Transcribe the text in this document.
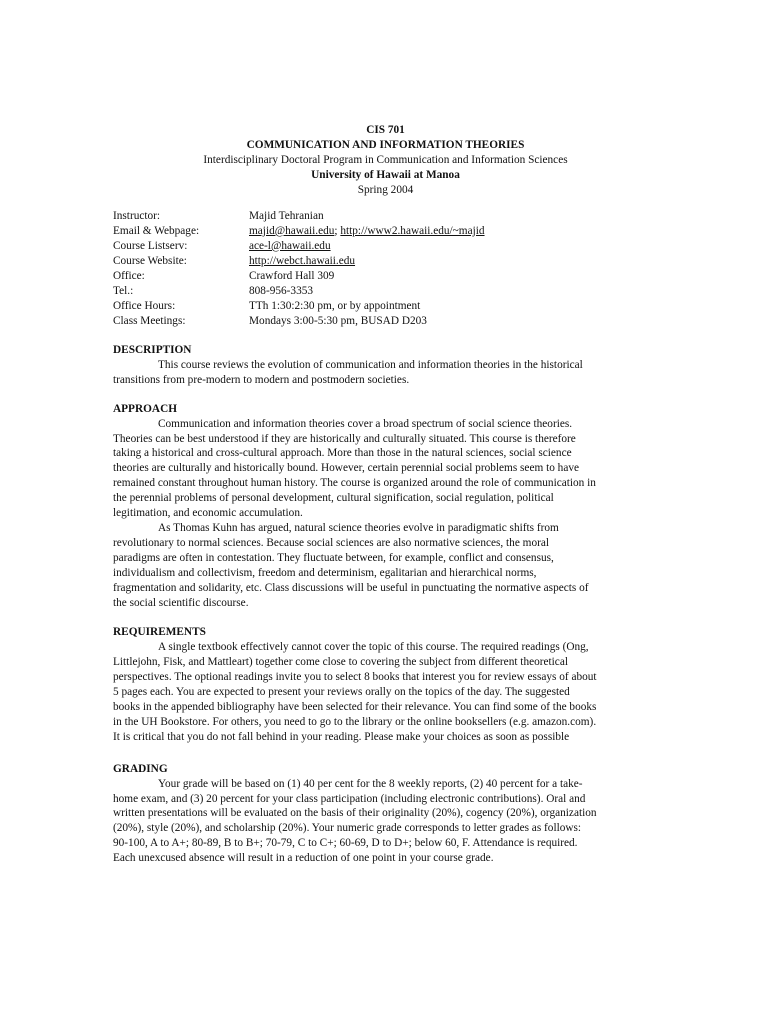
CIS 701
COMMUNICATION AND INFORMATION THEORIES
Interdisciplinary Doctoral Program in Communication and Information Sciences
University of Hawaii at Manoa
Spring 2004
Instructor:	Majid Tehranian
Email & Webpage:	majid@hawaii.edu; http://www2.hawaii.edu/~majid
Course Listserv:	ace-l@hawaii.edu
Course Website:	http://webct.hawaii.edu
Office:	Crawford Hall 309
Tel.:	808-956-3353
Office Hours:	TTh 1:30:2:30 pm, or by appointment
Class Meetings:	Mondays 3:00-5:30 pm, BUSAD D203
DESCRIPTION
This course reviews the evolution of communication and information theories in the historical
transitions from pre-modern to modern and postmodern societies.
APPROACH
Communication and information theories cover a broad spectrum of social science theories.
Theories can be best understood if they are historically and culturally situated. This course is therefore
taking a historical and cross-cultural approach. More than those in the natural sciences, social science
theories are culturally and historically bound. However, certain perennial social problems seem to have
remained constant throughout human history. The course is organized around the role of communication in
the perennial problems of personal development, cultural signification, social regulation, political
legitimation, and economic accumulation.
As Thomas Kuhn has argued, natural science theories evolve in paradigmatic shifts from
revolutionary to normal sciences. Because social sciences are also normative sciences, the moral
paradigms are often in contestation. They fluctuate between, for example, conflict and consensus,
individualism and collectivism, freedom and determinism, egalitarian and hierarchical norms,
fragmentation and solidarity, etc. Class discussions will be useful in punctuating the normative aspects of
the social scientific discourse.
REQUIREMENTS
A single textbook effectively cannot cover the topic of this course. The required readings (Ong,
Littlejohn, Fisk, and Mattleart) together come close to covering the subject from different theoretical
perspectives. The optional readings invite you to select 8 books that interest you for review essays of about
5 pages each. You are expected to present your reviews orally on the topics of the day. The suggested
books in the appended bibliography have been selected for their relevance. You can find some of the books
in the UH Bookstore. For others, you need to go to the library or the online booksellers (e.g. amazon.com).
It is critical that you do not fall behind in your reading. Please make your choices as soon as possible
GRADING
Your grade will be based on (1) 40 per cent for the 8 weekly reports, (2) 40 percent for a take-
home exam, and (3) 20 percent for your class participation (including electronic contributions). Oral and
written presentations will be evaluated on the basis of their originality (20%), cogency (20%), organization
(20%), style (20%), and scholarship (20%). Your numeric grade corresponds to letter grades as follows:
90-100, A to A+; 80-89, B to B+; 70-79, C to C+; 60-69, D to D+; below 60, F. Attendance is required.
Each unexcused absence will result in a reduction of one point in your course grade.
